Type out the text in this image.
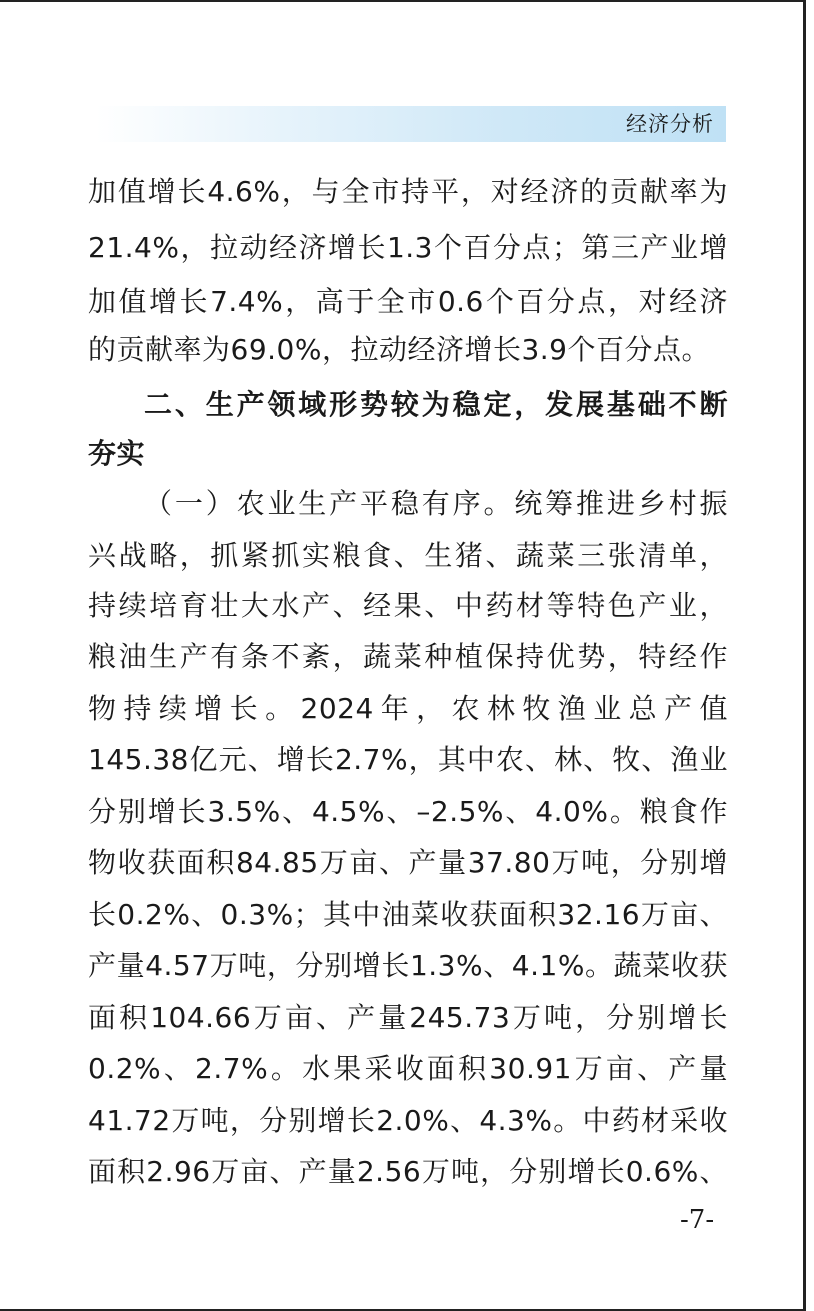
经济分析
加值增长4.6%，与全市持平，对经济的贡献率为
21.4%，拉动经济增长1.3个百分点；第三产业增
加值增长7.4%，高于全市0.6个百分点，对经济
的贡献率为69.0%，拉动经济增长3.9个百分点。
二、生产领域形势较为稳定，发展基础不断
夯实
（一）农业生产平稳有序。统筹推进乡村振
兴战略，抓紧抓实粮食、生猪、蔬菜三张清单，
持续培育壮大水产、经果、中药材等特色产业，
粮油生产有条不紊，蔬菜种植保持优势，特经作
物持续增长。2024年，农林牧渔业总产值
145.38亿元、增长2.7%，其中农、林、牧、渔业
分别增长3.5%、4.5%、–2.5%、4.0%。粮食作
物收获面积84.85万亩、产量37.80万吨，分别增
长0.2%、0.3%；其中油菜收获面积32.16万亩、
产量4.57万吨，分别增长1.3%、4.1%。蔬菜收获
面积104.66万亩、产量245.73万吨，分别增长
0.2%、2.7%。水果采收面积30.91万亩、产量
41.72万吨，分别增长2.0%、4.3%。中药材采收
面积2.96万亩、产量2.56万吨，分别增长0.6%、
-7-
